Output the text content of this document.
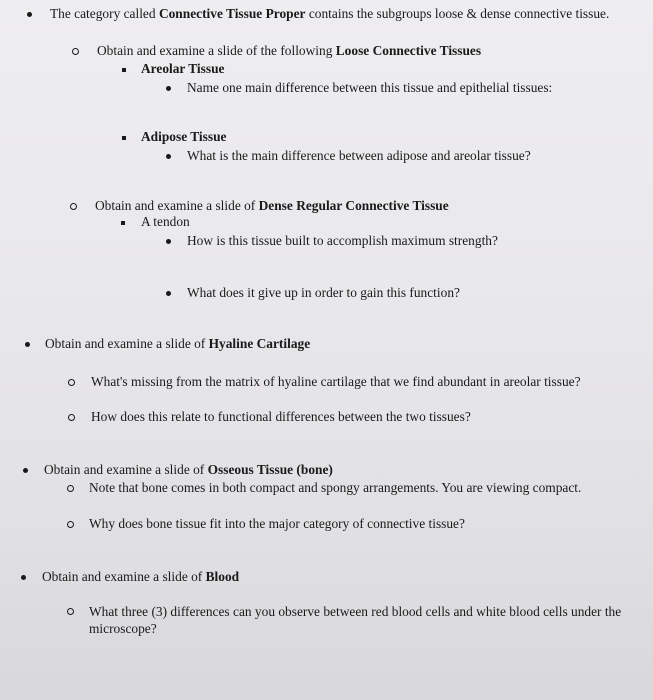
The category called Connective Tissue Proper contains the subgroups loose & dense connective tissue.
Obtain and examine a slide of the following Loose Connective Tissues
Areolar Tissue
Name one main difference between this tissue and epithelial tissues:
Adipose Tissue
What is the main difference between adipose and areolar tissue?
Obtain and examine a slide of Dense Regular Connective Tissue
A tendon
How is this tissue built to accomplish maximum strength?
What does it give up in order to gain this function?
Obtain and examine a slide of Hyaline Cartilage
What's missing from the matrix of hyaline cartilage that we find abundant in areolar tissue?
How does this relate to functional differences between the two tissues?
Obtain and examine a slide of Osseous Tissue (bone)
Note that bone comes in both compact and spongy arrangements. You are viewing compact.
Why does bone tissue fit into the major category of connective tissue?
Obtain and examine a slide of Blood
What three (3) differences can you observe between red blood cells and white blood cells under the microscope?
